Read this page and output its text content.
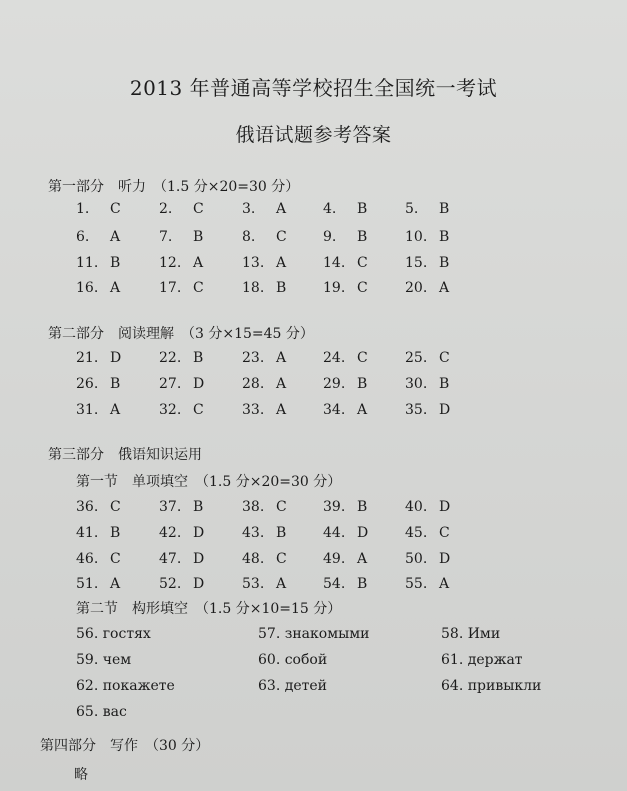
2013 年普通高等学校招生全国统一考试
俄语试题参考答案
第一部分　听力　（1.5 分×20=30 分）
1. C	2. C	3. A	4. B	5. B
6. A	7. B	8. C	9. B	10. B
11. B	12. A	13. A	14. C	15. B
16. A	17. C	18. B	19. C	20. A
第二部分　阅读理解　（3 分×15=45 分）
21. D	22. B	23. A	24. C	25. C
26. B	27. D	28. A	29. B	30. B
31. A	32. C	33. A	34. A	35. D
第三部分　俄语知识运用
第一节　单项填空　（1.5 分×20=30 分）
36. C	37. B	38. C	39. B	40. D
41. B	42. D	43. B	44. D	45. C
46. C	47. D	48. C	49. A	50. D
51. A	52. D	53. A	54. B	55. A
第二节　构形填空　（1.5 分×10=15 分）
56. гостях	57. знакомыми	58. Ими
59. чем	60. собой	61. держат
62. покажете	63. детей	64. привыкли
65. вас
第四部分　写作　（30 分）
略
